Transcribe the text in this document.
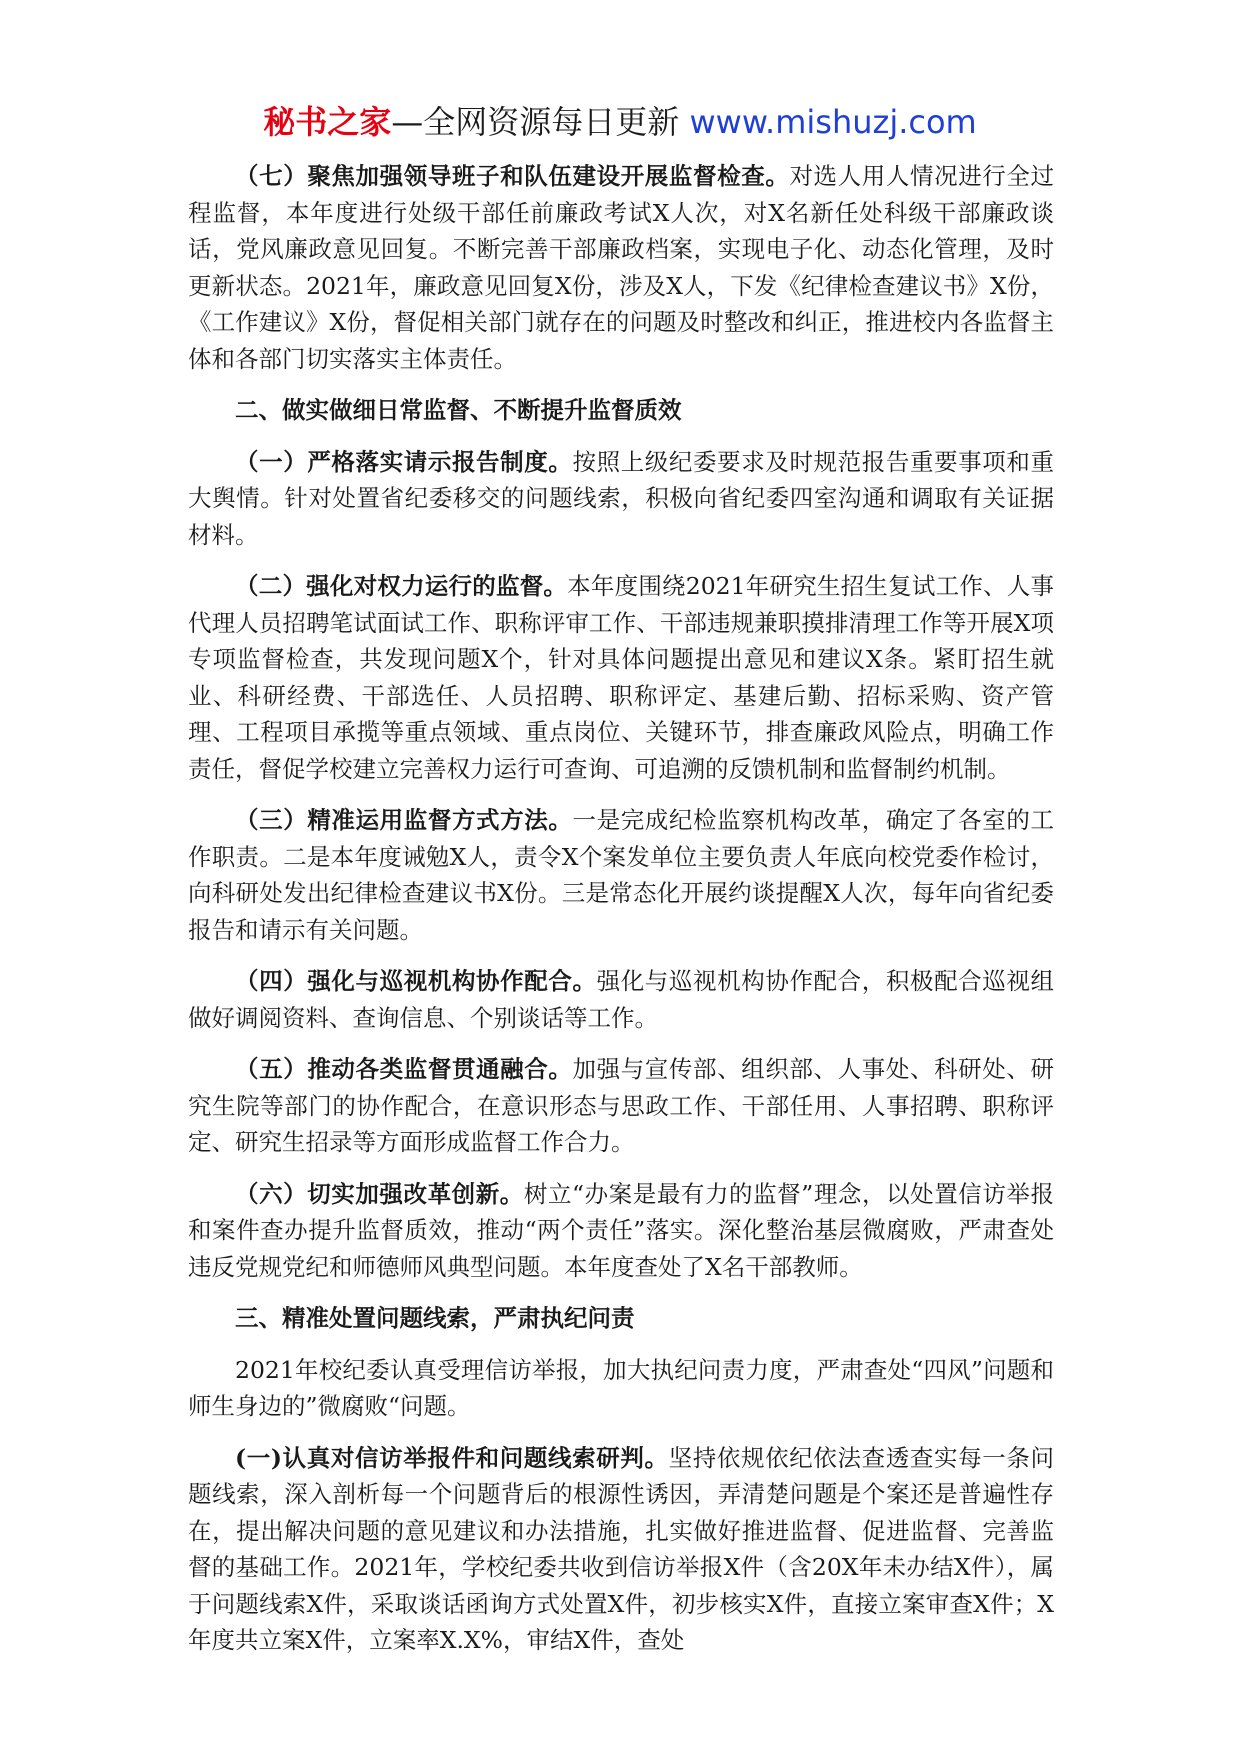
秘书之家—全网资源每日更新 www.mishuzj.com

（七）聚焦加强领导班子和队伍建设开展监督检查。对选人用人情况进行全过程监督，本年度进行处级干部任前廉政考试X人次，对X名新任处科级干部廉政谈话，党风廉政意见回复。不断完善干部廉政档案，实现电子化、动态化管理，及时更新状态。2021年，廉政意见回复X份，涉及X人，下发《纪律检查建议书》X份，《工作建议》X份，督促相关部门就存在的问题及时整改和纠正，推进校内各监督主体和各部门切实落实主体责任。

二、做实做细日常监督、不断提升监督质效

（一）严格落实请示报告制度。按照上级纪委要求及时规范报告重要事项和重大舆情。针对处置省纪委移交的问题线索，积极向省纪委四室沟通和调取有关证据材料。

（二）强化对权力运行的监督。本年度围绕2021年研究生招生复试工作、人事代理人员招聘笔试面试工作、职称评审工作、干部违规兼职摸排清理工作等开展X项专项监督检查，共发现问题X个，针对具体问题提出意见和建议X条。紧盯招生就业、科研经费、干部选任、人员招聘、职称评定、基建后勤、招标采购、资产管理、工程项目承揽等重点领域、重点岗位、关键环节，排查廉政风险点，明确工作责任，督促学校建立完善权力运行可查询、可追溯的反馈机制和监督制约机制。

（三）精准运用监督方式方法。一是完成纪检监察机构改革，确定了各室的工作职责。二是本年度诫勉X人，责令X个案发单位主要负责人年底向校党委作检讨，向科研处发出纪律检查建议书X份。三是常态化开展约谈提醒X人次，每年向省纪委报告和请示有关问题。

（四）强化与巡视机构协作配合。强化与巡视机构协作配合，积极配合巡视组做好调阅资料、查询信息、个别谈话等工作。

（五）推动各类监督贯通融合。加强与宣传部、组织部、人事处、科研处、研究生院等部门的协作配合，在意识形态与思政工作、干部任用、人事招聘、职称评定、研究生招录等方面形成监督工作合力。

（六）切实加强改革创新。树立“办案是最有力的监督”理念，以处置信访举报和案件查办提升监督质效，推动“两个责任”落实。深化整治基层微腐败，严肃查处违反党规党纪和师德师风典型问题。本年度查处了X名干部教师。

三、精准处置问题线索，严肃执纪问责

2021年校纪委认真受理信访举报，加大执纪问责力度，严肃查处“四风”问题和师生身边的”微腐败“问题。

(一)认真对信访举报件和问题线索研判。坚持依规依纪依法查透查实每一条问题线索，深入剖析每一个问题背后的根源性诱因，弄清楚问题是个案还是普遍性存在，提出解决问题的意见建议和办法措施，扎实做好推进监督、促进监督、完善监督的基础工作。2021年，学校纪委共收到信访举报X件（含20X年未办结X件），属于问题线索X件，采取谈话函询方式处置X件，初步核实X件，直接立案审查X件；X年度共立案X件，立案率X.X%，审结X件，查处
